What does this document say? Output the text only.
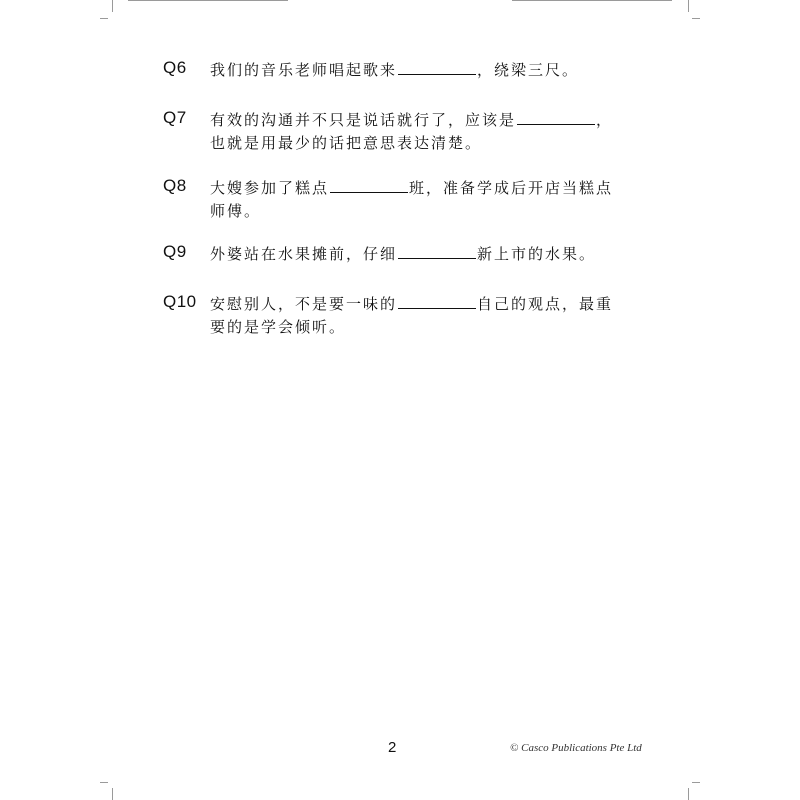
Q6 我们的音乐老师唱起歌来	，绕梁三尺。
Q7 有效的沟通并不只是说话就行了，应该是	，也就是用最少的话把意思表达清楚。
Q8 大嫂参加了糕点	班，准备学成后开店当糕点师傅。
Q9 外婆站在水果摊前，仔细	新上市的水果。
Q10 安慰别人，不是要一味的	自己的观点，最重要的是学会倾听。
2	© Casco Publications Pte Ltd
